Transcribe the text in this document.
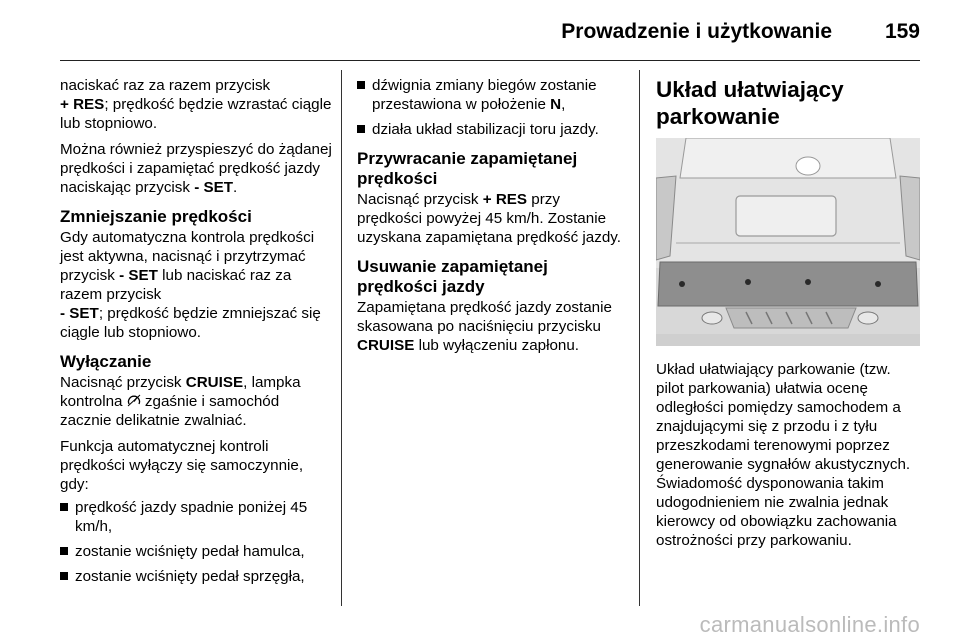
Prowadzenie i użytkowanie	159

naciskać raz za razem przycisk
+ RES; prędkość będzie wzrastać ciągle lub stopniowo.

Można również przyspieszyć do żądanej prędkości i zapamiętać prędkość jazdy naciskając przycisk - SET.

Zmniejszanie prędkości

Gdy automatyczna kontrola prędkości jest aktywna, nacisnąć i przytrzymać przycisk - SET lub naciskać raz za razem przycisk
- SET; prędkość będzie zmniejszać się ciągle lub stopniowo.

Wyłączanie

Nacisnąć przycisk CRUISE, lampka kontrolna  zgaśnie i samochód zacznie delikatnie zwalniać.

Funkcja automatycznej kontroli prędkości wyłączy się samoczynnie, gdy:

prędkość jazdy spadnie poniżej 45 km/h,
zostanie wciśnięty pedał hamulca,
zostanie wciśnięty pedał sprzęgła,
dźwignia zmiany biegów zostanie przestawiona w położenie N,
działa układ stabilizacji toru jazdy.
Przywracanie zapamiętanej prędkości

Nacisnąć przycisk + RES przy prędkości powyżej 45 km/h. Zostanie uzyskana zapamiętana prędkość jazdy.

Usuwanie zapamiętanej prędkości jazdy

Zapamiętana prędkość jazdy zostanie skasowana po naciśnięciu przycisku CRUISE lub wyłączeniu zapłonu.

Układ ułatwiający parkowanie

Układ ułatwiający parkowanie (tzw. pilot parkowania) ułatwia ocenę odległości pomiędzy samochodem a znajdującymi się z przodu i z tyłu przeszkodami terenowymi poprzez generowanie sygnałów akustycznych. Świadomość dysponowania takim udogodnieniem nie zwalnia jednak kierowcy od obowiązku zachowania ostrożności przy parkowaniu.

carmanualsonline.info
